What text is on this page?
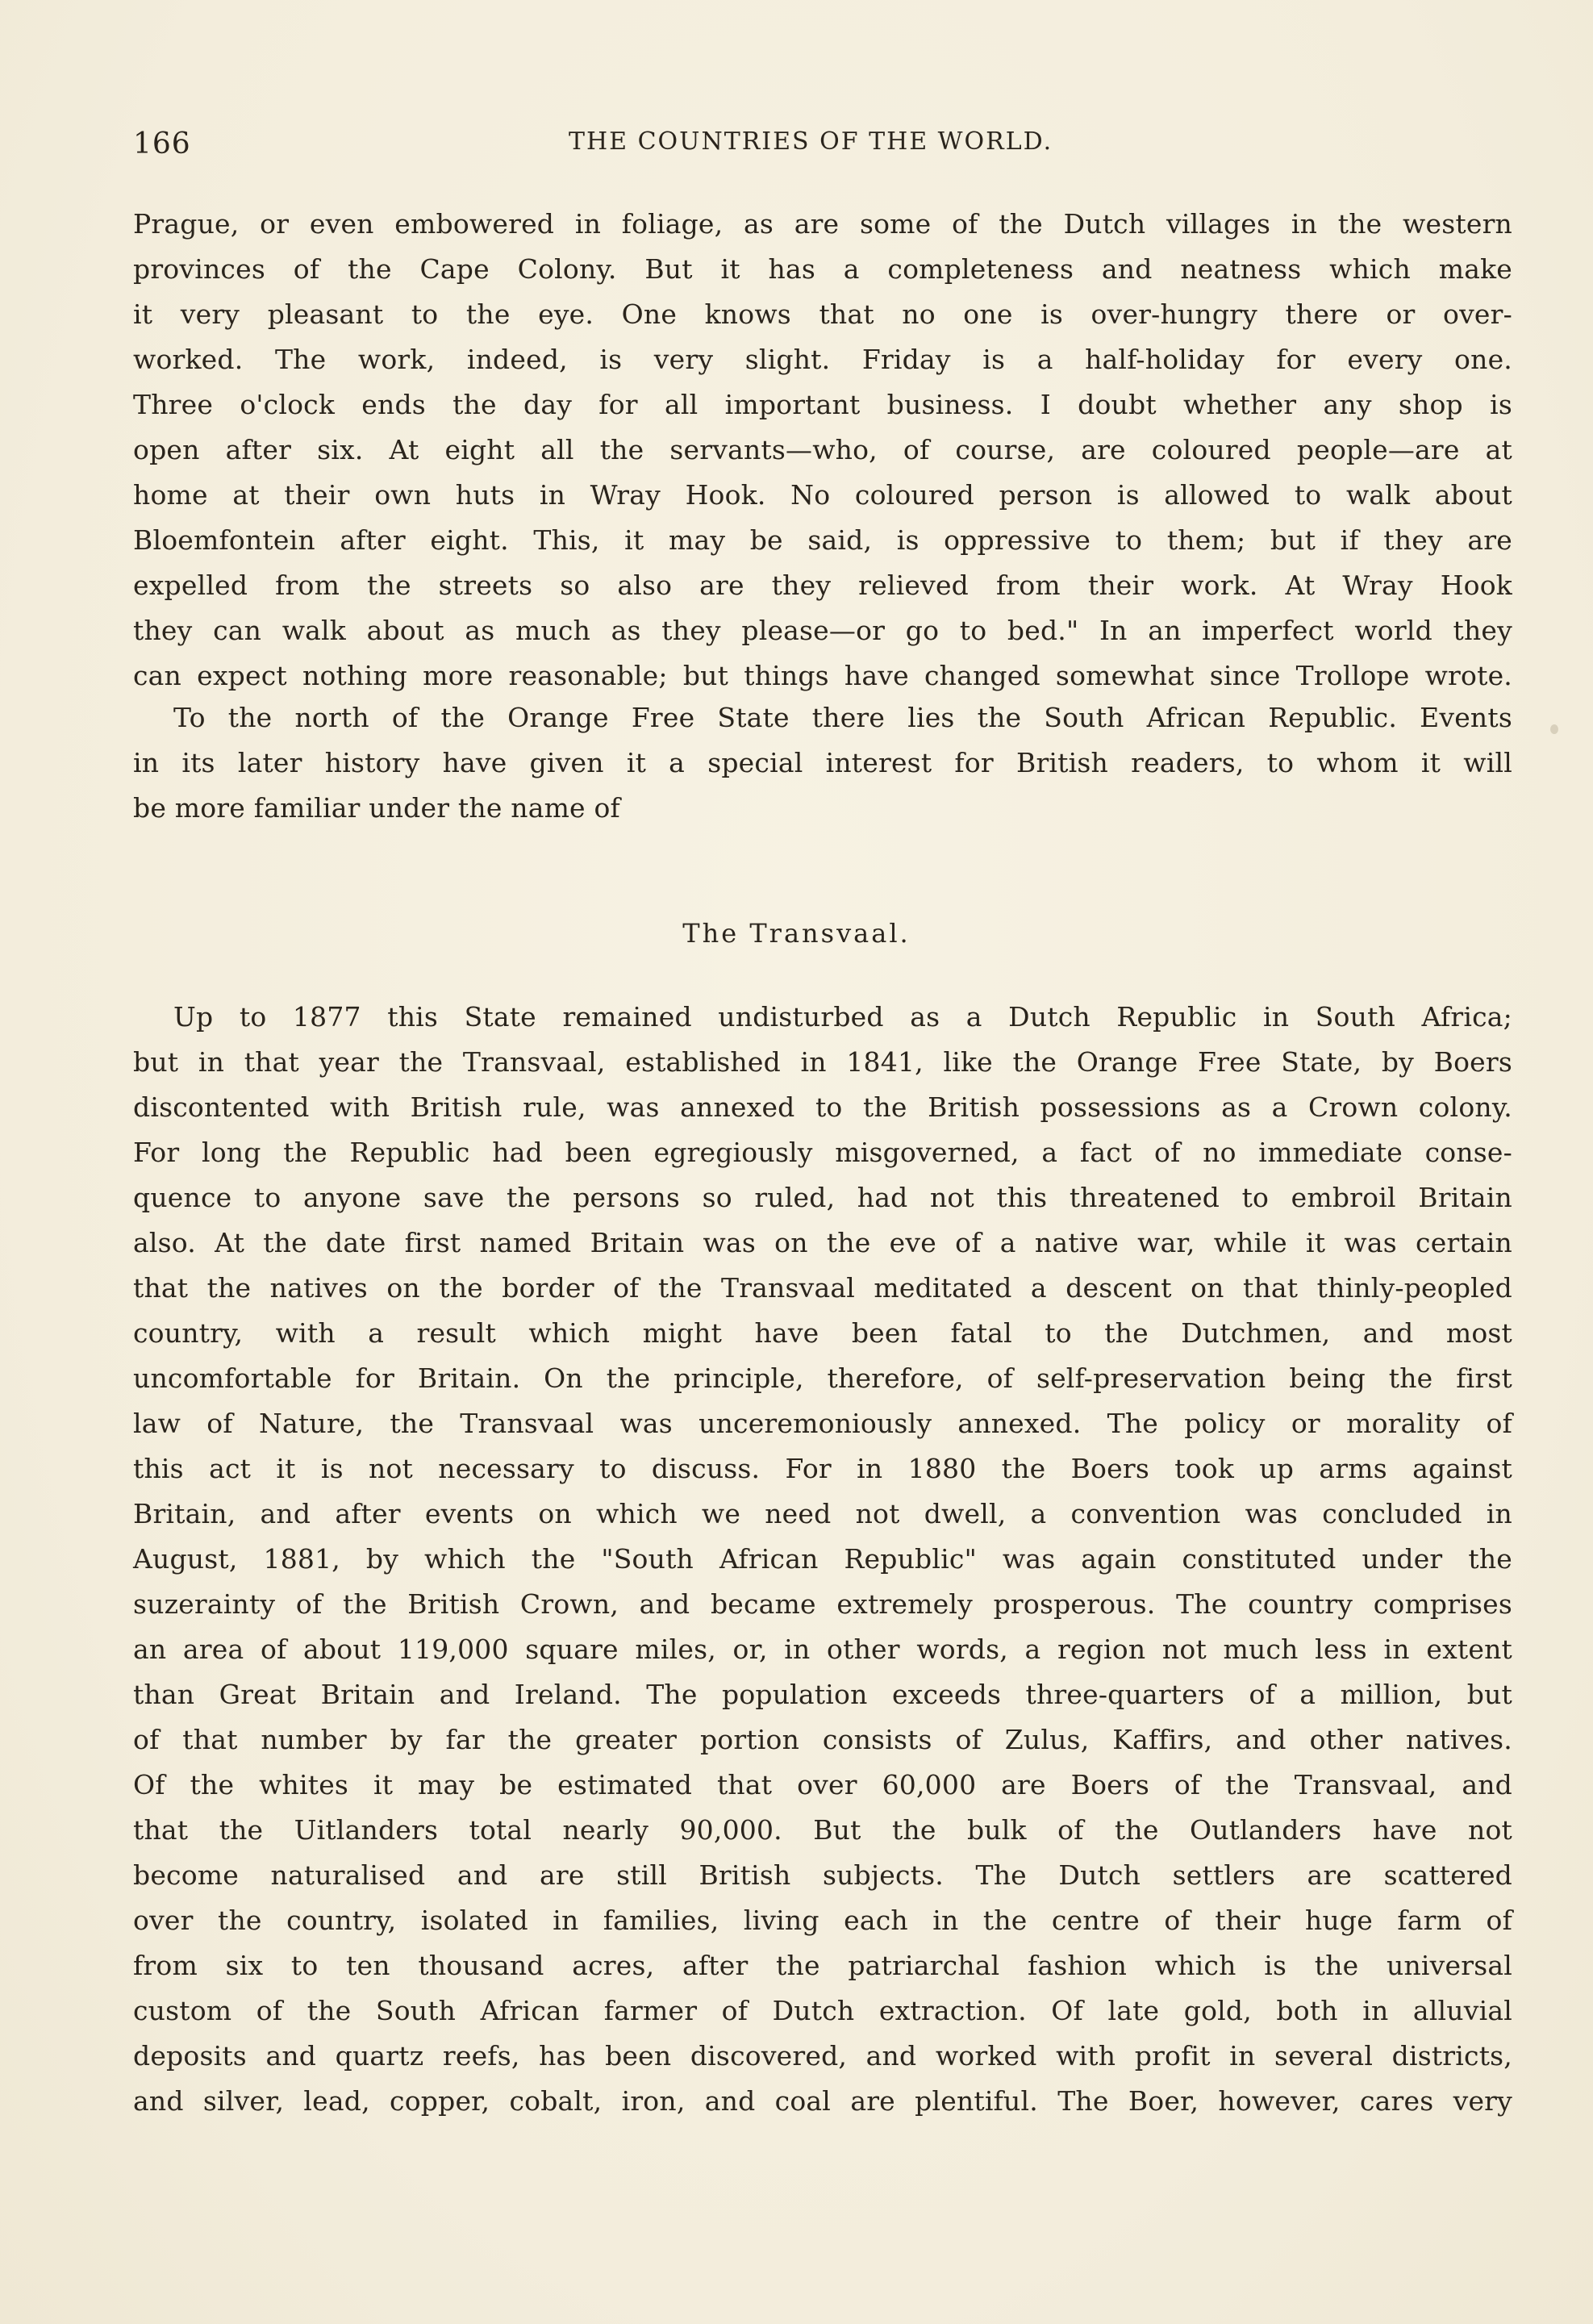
166	THE COUNTRIES OF THE WORLD.
Prague, or even embowered in foliage, as are some of the Dutch villages in the western
provinces of the Cape Colony. But it has a completeness and neatness which make
it very pleasant to the eye. One knows that no one is over-hungry there or over-
worked. The work, indeed, is very slight. Friday is a half-holiday for every one.
Three o'clock ends the day for all important business. I doubt whether any shop is
open after six. At eight all the servants—who, of course, are coloured people—are at
home at their own huts in Wray Hook. No coloured person is allowed to walk about
Bloemfontein after eight. This, it may be said, is oppressive to them; but if they are
expelled from the streets so also are they relieved from their work. At Wray Hook
they can walk about as much as they please—or go to bed." In an imperfect world they
can expect nothing more reasonable; but things have changed somewhat since Trollope wrote.
To the north of the Orange Free State there lies the South African Republic. Events
in its later history have given it a special interest for British readers, to whom it will
be more familiar under the name of
The Transvaal.
Up to 1877 this State remained undisturbed as a Dutch Republic in South Africa;
but in that year the Transvaal, established in 1841, like the Orange Free State, by Boers
discontented with British rule, was annexed to the British possessions as a Crown colony.
For long the Republic had been egregiously misgoverned, a fact of no immediate conse-
quence to anyone save the persons so ruled, had not this threatened to embroil Britain
also. At the date first named Britain was on the eve of a native war, while it was certain
that the natives on the border of the Transvaal meditated a descent on that thinly-peopled
country, with a result which might have been fatal to the Dutchmen, and most
uncomfortable for Britain. On the principle, therefore, of self-preservation being the first
law of Nature, the Transvaal was unceremoniously annexed. The policy or morality of
this act it is not necessary to discuss. For in 1880 the Boers took up arms against
Britain, and after events on which we need not dwell, a convention was concluded in
August, 1881, by which the "South African Republic" was again constituted under the
suzerainty of the British Crown, and became extremely prosperous. The country comprises
an area of about 119,000 square miles, or, in other words, a region not much less in extent
than Great Britain and Ireland. The population exceeds three-quarters of a million, but
of that number by far the greater portion consists of Zulus, Kaffirs, and other natives.
Of the whites it may be estimated that over 60,000 are Boers of the Transvaal, and
that the Uitlanders total nearly 90,000. But the bulk of the Outlanders have not
become naturalised and are still British subjects. The Dutch settlers are scattered
over the country, isolated in families, living each in the centre of their huge farm of
from six to ten thousand acres, after the patriarchal fashion which is the universal
custom of the South African farmer of Dutch extraction. Of late gold, both in alluvial
deposits and quartz reefs, has been discovered, and worked with profit in several districts,
and silver, lead, copper, cobalt, iron, and coal are plentiful. The Boer, however, cares very
